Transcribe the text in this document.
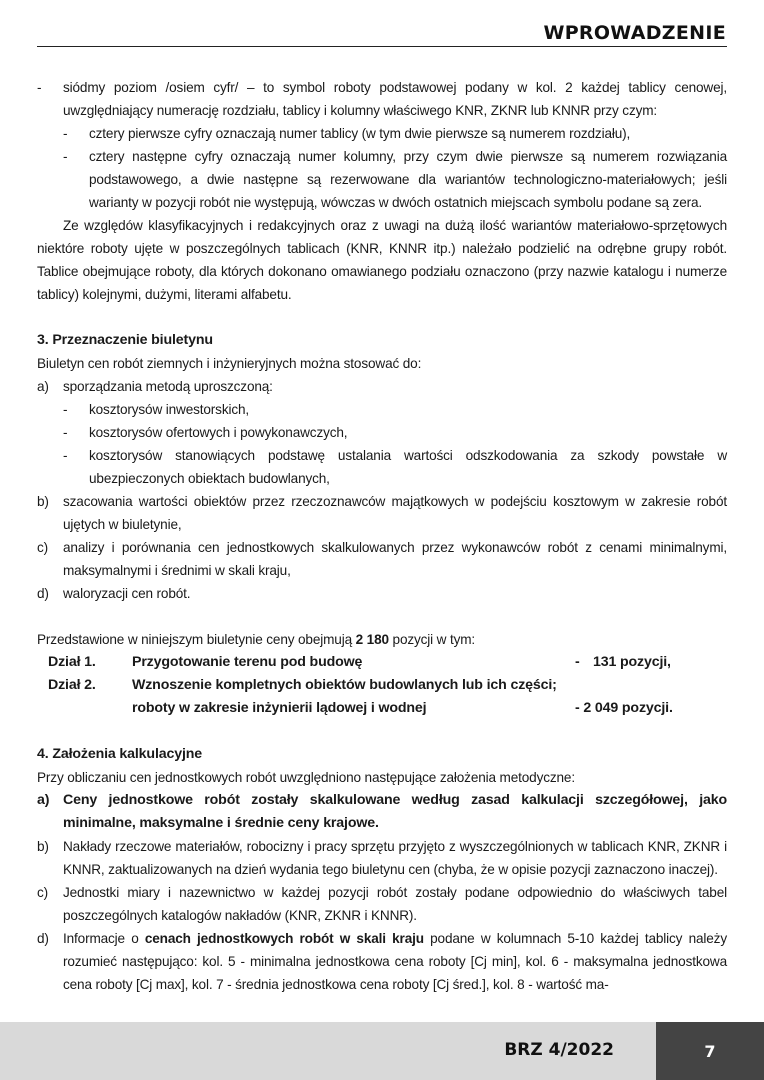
WPROWADZENIE
-	siódmy poziom /osiem cyfr/ – to symbol roboty podstawowej podany w kol. 2 każdej tablicy cenowej, uwzględniający numerację rozdziału, tablicy i kolumny właściwego KNR, ZKNR lub KNNR przy czym:
-	cztery pierwsze cyfry oznaczają numer tablicy (w tym dwie pierwsze są numerem rozdziału),
-	cztery następne cyfry oznaczają numer kolumny, przy czym dwie pierwsze są numerem rozwiązania podstawowego, a dwie następne są rezerwowane dla wariantów technologiczno-materiałowych; jeśli warianty w pozycji robót nie występują, wówczas w dwóch ostatnich miejscach symbolu podane są zera.
Ze względów klasyfikacyjnych i redakcyjnych oraz z uwagi na dużą ilość wariantów materiałowo-sprzętowych niektóre roboty ujęte w poszczególnych tablicach (KNR, KNNR itp.) należało podzielić na odrębne grupy robót. Tablice obejmujące roboty, dla których dokonano omawianego podziału oznaczono (przy nazwie katalogu i numerze tablicy) kolejnymi, dużymi, literami alfabetu.
3. Przeznaczenie biuletynu
Biuletyn cen robót ziemnych i inżynieryjnych można stosować do:
a)	sporządzania metodą uproszczoną:
-	kosztorysów inwestorskich,
-	kosztorysów ofertowych i powykonawczych,
-	kosztorysów stanowiących podstawę ustalania wartości odszkodowania za szkody powstałe w ubezpieczonych obiektach budowlanych,
b)	szacowania wartości obiektów przez rzeczoznawców majątkowych w podejściu kosztowym w zakresie robót ujętych w biuletynie,
c)	analizy i porównania cen jednostkowych skalkulowanych przez wykonawców robót z cenami minimalnymi, maksymalnymi i średnimi w skali kraju,
d)	waloryzacji cen robót.
Przedstawione w niniejszym biuletynie ceny obejmują 2 180 pozycji w tym:
Dział 1.	Przygotowanie terenu pod budowę	- 131 pozycji,
Dział 2.	Wznoszenie kompletnych obiektów budowlanych lub ich części;
roboty w zakresie inżynierii lądowej i wodnej	- 2 049 pozycji.
4. Założenia kalkulacyjne
Przy obliczaniu cen jednostkowych robót uwzględniono następujące założenia metodyczne:
a) Ceny jednostkowe robót zostały skalkulowane według zasad kalkulacji szczegółowej, jako minimalne, maksymalne i średnie ceny krajowe.
b)	Nakłady rzeczowe materiałów, robocizny i pracy sprzętu przyjęto z wyszczególnionych w tablicach KNR, ZKNR i KNNR, zaktualizowanych na dzień wydania tego biuletynu cen (chyba, że w opisie pozycji zaznaczono inaczej).
c)	Jednostki miary i nazewnictwo w każdej pozycji robót zostały podane odpowiednio do właściwych tabel poszczególnych katalogów nakładów (KNR, ZKNR i KNNR).
d)	Informacje o cenach jednostkowych robót w skali kraju podane w kolumnach 5-10 każdej tablicy należy rozumieć następująco: kol. 5 - minimalna jednostkowa cena roboty [Cj min], kol. 6 - maksymalna jednostkowa cena roboty [Cj max], kol. 7 - średnia jednostkowa cena roboty [Cj śred.], kol. 8 - wartość ma-
BRZ 4/2022	7
